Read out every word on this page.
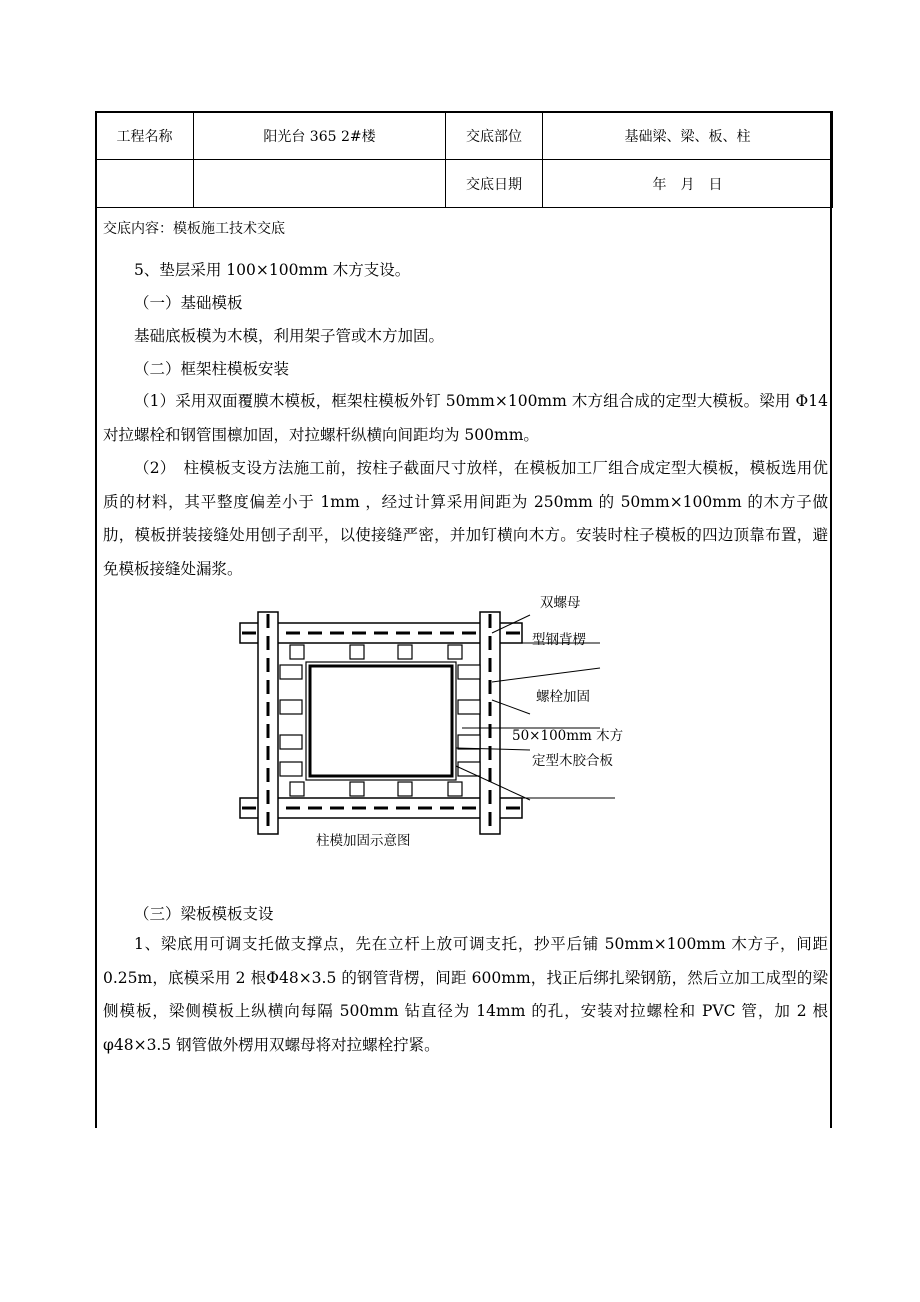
工程名称	阳光台 365 2#楼	交底部位	基础梁、梁、板、柱
		交底日期	年　月　日
交底内容：模板施工技术交底
5、垫层采用 100×100mm 木方支设。
（一）基础模板
基础底板模为木模，利用架子管或木方加固。
（二）框架柱模板安装

（1）采用双面覆膜木模板，框架柱模板外钉 50mm×100mm 木方组合成的定型大模板。梁用 Φ14 对拉螺栓和钢管围檩加固，对拉螺杆纵横向间距均为 500mm。

（2）　柱模板支设方法施工前，按柱子截面尺寸放样，在模板加工厂组合成定型大模板，模板选用优质的材料，其平整度偏差小于 1mm ，经过计算采用间距为 250mm 的 50mm×100mm 的木方子做肋，模板拼装接缝处用刨子刮平，以使接缝严密，并加钉横向木方。安装时柱子模板的四边顶靠布置，避免模板接缝处漏浆。

双螺母
型钢背楞
螺栓加固
50×100mm 木方
定型木胶合板
柱模加固示意图
（三）梁板模板支设

1、梁底用可调支托做支撑点，先在立杆上放可调支托，抄平后铺 50mm×100mm 木方子，间距 0.25m，底模采用 2 根Φ48×3.5 的钢管背楞，间距 600mm，找正后绑扎梁钢筋，然后立加工成型的梁侧模板，梁侧模板上纵横向每隔 500mm 钻直径为 14mm 的孔，安装对拉螺栓和 PVC 管，加 2 根 φ48×3.5 钢管做外楞用双螺母将对拉螺栓拧紧。
